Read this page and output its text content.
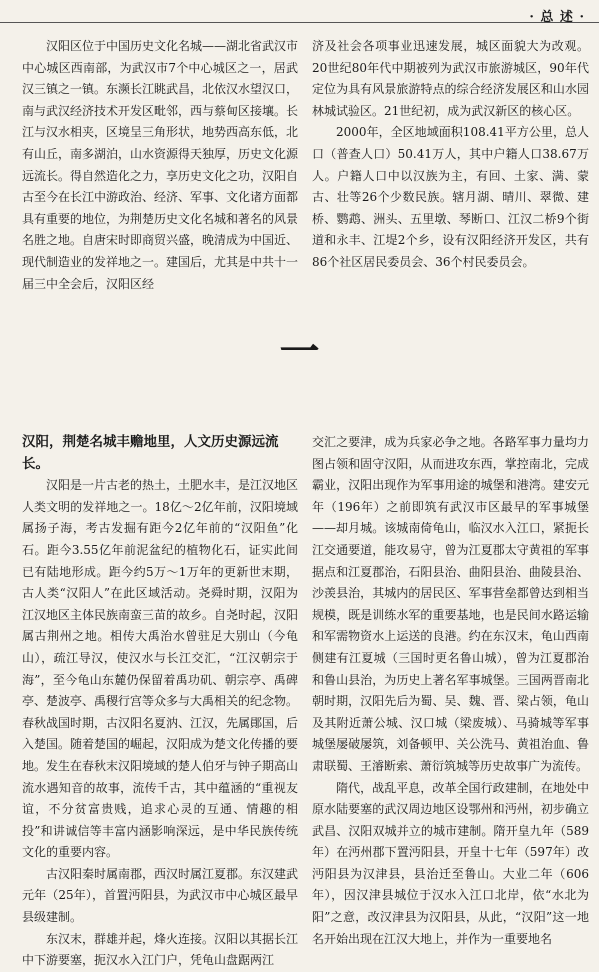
· 总 述 ·

汉阳区位于中国历史文化名城——湖北省武汉市中心城区西南部，为武汉市7个中心城区之一，居武汉三镇之一镇。东濒长江眺武昌，北依汉水望汉口，南与武汉经济技术开发区毗邻，西与蔡甸区接壤。长江与汉水相夹，区境呈三角形状，地势西高东低，北有山丘，南多湖泊，山水资源得天独厚，历史文化源远流长。得自然造化之力，享历史文化之功，汉阳自古至今在长江中游政治、经济、军事、文化诸方面都具有重要的地位，为荆楚历史文化名城和著名的风景名胜之地。自唐宋时即商贸兴盛，晚清成为中国近、现代制造业的发祥地之一。建国后，尤其是中共十一届三中全会后，汉阳区经

济及社会各项事业迅速发展，城区面貌大为改观。20世纪80年代中期被列为武汉市旅游城区，90年代定位为具有风景旅游特点的综合经济发展区和山水园林城试验区。21世纪初，成为武汉新区的核心区。

2000年，全区地域面积108.41平方公里，总人口（普查人口）50.41万人，其中户籍人口38.67万人。户籍人口中以汉族为主，有回、土家、满、蒙古、壮等26个少数民族。辖月湖、晴川、翠微、建桥、鹦鹉、洲头、五里墩、琴断口、江汉二桥9个街道和永丰、江堤2个乡，设有汉阳经济开发区，共有86个社区居民委员会、36个村民委员会。

一
汉阳，荆楚名城丰赡地里，人文历史源远流长。

汉阳是一片古老的热土，土肥水丰，是江汉地区人类文明的发祥地之一。18亿～2亿年前，汉阳境域属扬子海，考古发掘有距今2亿年前的“汉阳鱼”化石。距今3.55亿年前泥盆纪的植物化石，证实此间已有陆地形成。距今约5万～1万年的更新世末期，古人类“汉阳人”在此区域活动。尧舜时期，汉阳为江汉地区主体民族南蛮三苗的故乡。自尧时起，汉阳属古荆州之地。相传大禹治水曾驻足大别山（今龟山），疏江导汉，使汉水与长江交汇，“江汉朝宗于海”，至今龟山东麓仍保留着禹功矶、朝宗亭、禹碑亭、楚波亭、禹稷行宫等众多与大禹相关的纪念物。春秋战国时期，古汉阳名夏汭、江汉，先属鄖国，后入楚国。随着楚国的崛起，汉阳成为楚文化传播的要地。发生在春秋末汉阳境域的楚人伯牙与钟子期高山流水遇知音的故事，流传千古，其中蕴涵的“重视友谊，不分贫富贵贱，追求心灵的互通、情趣的相投”和讲诚信等丰富内涵影响深远，是中华民族传统文化的重要内容。

古汉阳秦时属南郡，西汉时属江夏郡。东汉建武元年（25年），首置沔阳县，为武汉市中心城区最早县级建制。

东汉末，群雄并起，烽火连接。汉阳以其据长江中下游要塞，扼汉水入江门户，凭龟山盘踞两江

交汇之要津，成为兵家必争之地。各路军事力量均力图占领和固守汉阳，从而进攻东西，掌控南北，完成霸业，汉阳出现作为军事用途的城堡和港湾。建安元年（196年）之前即筑有武汉市区最早的军事城堡——却月城。该城南倚龟山，临汉水入江口，紧扼长江交通要道，能攻易守，曾为江夏郡太守黄祖的军事据点和江夏郡治，石阳县治、曲阳县治、曲陵县治、沙羡县治，其城内的居民区、军事营垒都曾达到相当规模，既是训练水军的重要基地，也是民间水路运输和军需物资水上运送的良港。约在东汉末，龟山西南侧建有江夏城（三国时更名鲁山城），曾为江夏郡治和鲁山县治，为历史上著名军事城堡。三国两晋南北朝时期，汉阳先后为蜀、吴、魏、晋、梁占领，龟山及其附近萧公城、汉口城（梁废城）、马骑城等军事城堡屡破屡筑，刘备顿甲、关公洗马、黄祖治血、鲁肃联蜀、王濬断索、萧衍筑城等历史故事广为流传。

隋代，战乱平息，改革全国行政建制，在地处中原水陆要塞的武汉周边地区设鄂州和沔州，初步确立武昌、汉阳双城并立的城市建制。隋开皇九年（589年）在沔州郡下置沔阳县，开皇十七年（597年）改沔阳县为汉津县，县治迁至鲁山。大业二年（606年），因汉津县城位于汉水入江口北岸，依“水北为阳”之意，改汉津县为汉阳县，从此，“汉阳”这一地名开始出现在江汉大地上，并作为一重要地名
